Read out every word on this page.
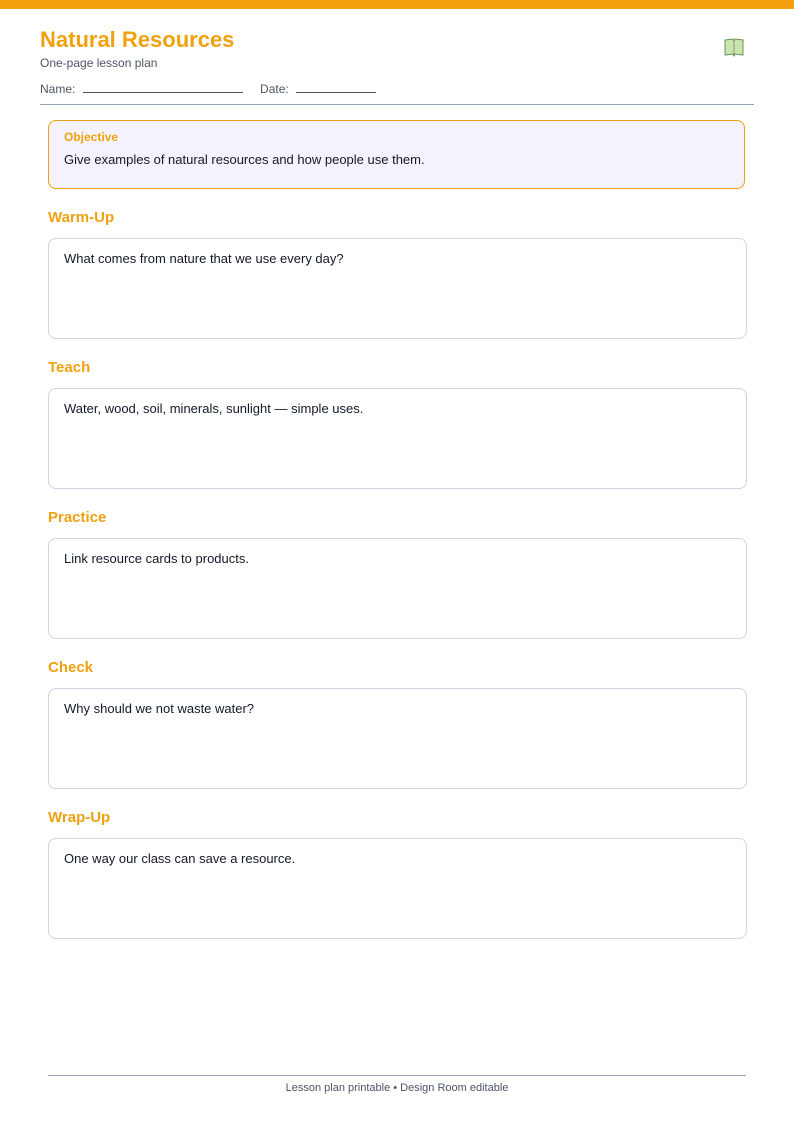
Natural Resources
One-page lesson plan
Name:	Date:
Objective
Give examples of natural resources and how people use them.
Warm-Up
What comes from nature that we use every day?
Teach
Water, wood, soil, minerals, sunlight — simple uses.
Practice
Link resource cards to products.
Check
Why should we not waste water?
Wrap-Up
One way our class can save a resource.
Lesson plan printable • Design Room editable
